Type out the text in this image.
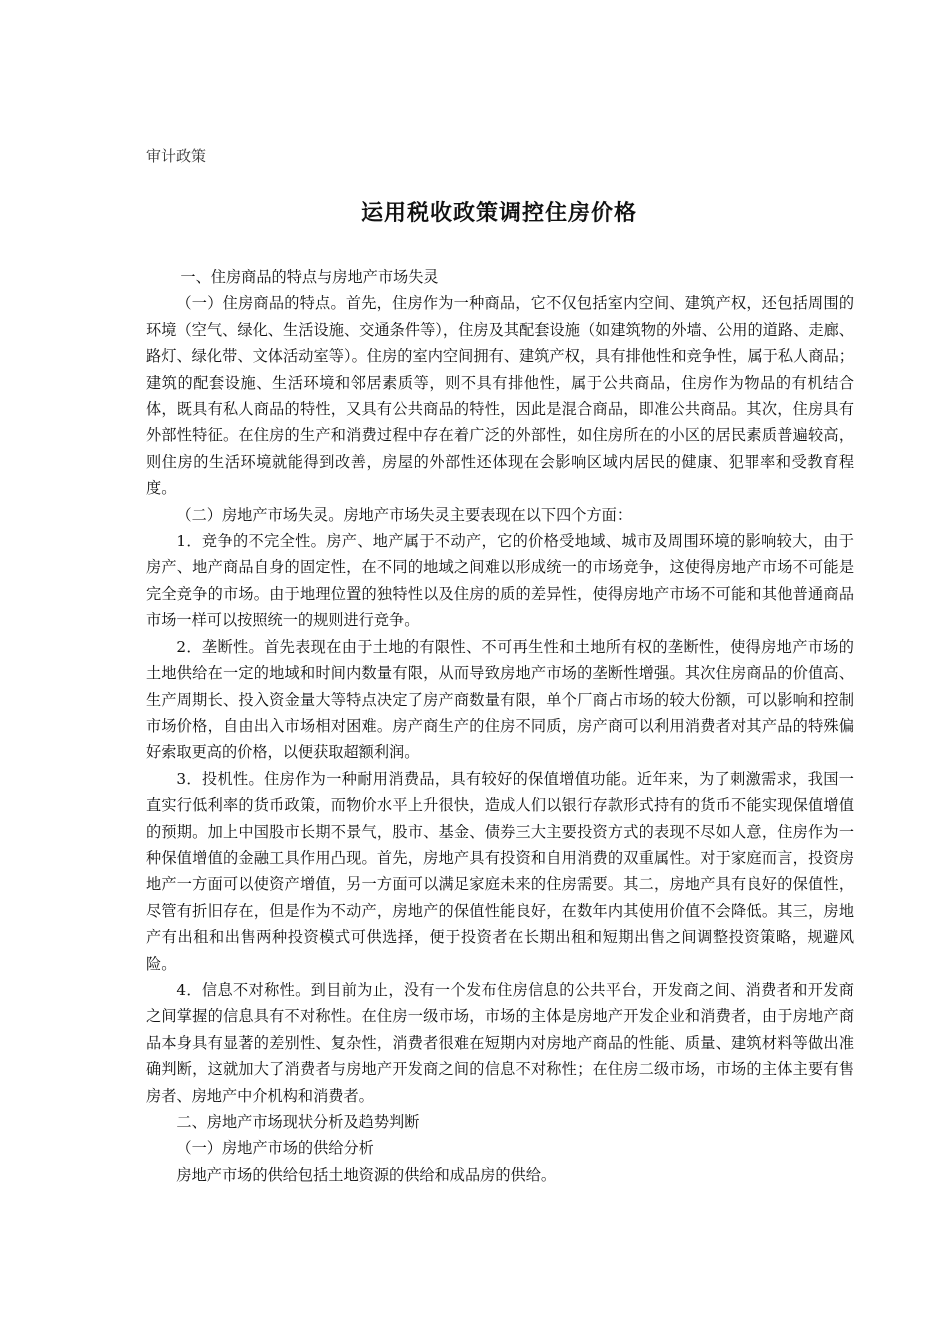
审计政策
运用税收政策调控住房价格

一、住房商品的特点与房地产市场失灵

（一）住房商品的特点。首先，住房作为一种商品，它不仅包括室内空间、建筑产权，还包括周围的环境（空气、绿化、生活设施、交通条件等），住房及其配套设施（如建筑物的外墙、公用的道路、走廊、路灯、绿化带、文体活动室等）。住房的室内空间拥有、建筑产权，具有排他性和竞争性，属于私人商品；建筑的配套设施、生活环境和邻居素质等，则不具有排他性，属于公共商品，住房作为物品的有机结合体，既具有私人商品的特性，又具有公共商品的特性，因此是混合商品，即准公共商品。其次，住房具有外部性特征。在住房的生产和消费过程中存在着广泛的外部性，如住房所在的小区的居民素质普遍较高，则住房的生活环境就能得到改善，房屋的外部性还体现在会影响区域内居民的健康、犯罪率和受教育程度。

（二）房地产市场失灵。房地产市场失灵主要表现在以下四个方面：

1．竞争的不完全性。房产、地产属于不动产，它的价格受地域、城市及周围环境的影响较大，由于房产、地产商品自身的固定性，在不同的地域之间难以形成统一的市场竞争，这使得房地产市场不可能是完全竞争的市场。由于地理位置的独特性以及住房的质的差异性，使得房地产市场不可能和其他普通商品市场一样可以按照统一的规则进行竞争。

2．垄断性。首先表现在由于土地的有限性、不可再生性和土地所有权的垄断性，使得房地产市场的土地供给在一定的地域和时间内数量有限，从而导致房地产市场的垄断性增强。其次住房商品的价值高、生产周期长、投入资金量大等特点决定了房产商数量有限，单个厂商占市场的较大份额，可以影响和控制市场价格，自由出入市场相对困难。房产商生产的住房不同质，房产商可以利用消费者对其产品的特殊偏好索取更高的价格，以便获取超额利润。

3．投机性。住房作为一种耐用消费品，具有较好的保值增值功能。近年来，为了刺激需求，我国一直实行低利率的货币政策，而物价水平上升很快，造成人们以银行存款形式持有的货币不能实现保值增值的预期。加上中国股市长期不景气，股市、基金、债券三大主要投资方式的表现不尽如人意，住房作为一种保值增值的金融工具作用凸现。首先，房地产具有投资和自用消费的双重属性。对于家庭而言，投资房地产一方面可以使资产增值，另一方面可以满足家庭未来的住房需要。其二，房地产具有良好的保值性，尽管有折旧存在，但是作为不动产，房地产的保值性能良好，在数年内其使用价值不会降低。其三，房地产有出租和出售两种投资模式可供选择，便于投资者在长期出租和短期出售之间调整投资策略，规避风险。

4．信息不对称性。到目前为止，没有一个发布住房信息的公共平台，开发商之间、消费者和开发商之间掌握的信息具有不对称性。在住房一级市场，市场的主体是房地产开发企业和消费者，由于房地产商品本身具有显著的差别性、复杂性，消费者很难在短期内对房地产商品的性能、质量、建筑材料等做出准确判断，这就加大了消费者与房地产开发商之间的信息不对称性；在住房二级市场，市场的主体主要有售房者、房地产中介机构和消费者。

二、房地产市场现状分析及趋势判断

（一）房地产市场的供给分析

房地产市场的供给包括土地资源的供给和成品房的供给。
